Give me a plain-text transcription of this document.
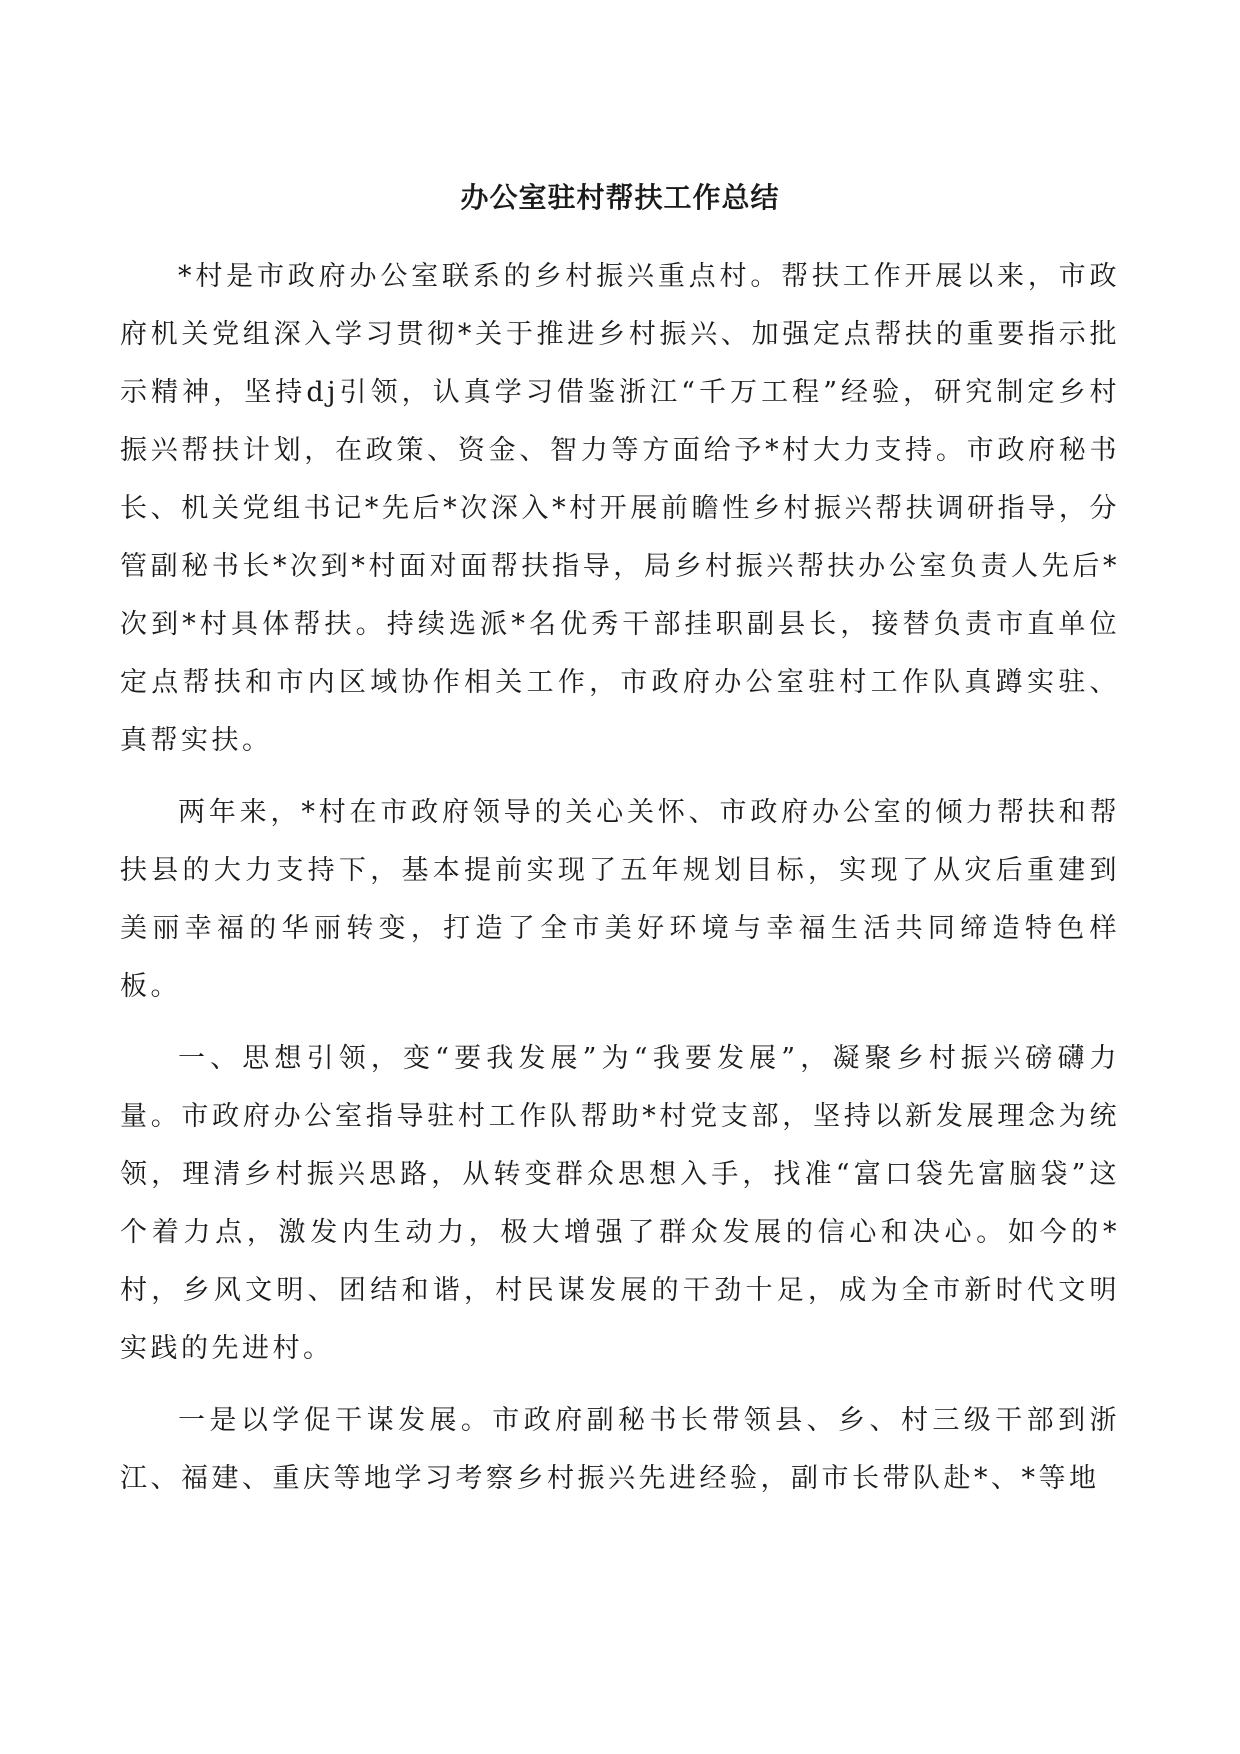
办公室驻村帮扶工作总结

*村是市政府办公室联系的乡村振兴重点村。帮扶工作开展以来，市政府机关党组深入学习贯彻*关于推进乡村振兴、加强定点帮扶的重要指示批示精神，坚持dj引领，认真学习借鉴浙江“千万工程”经验，研究制定乡村振兴帮扶计划，在政策、资金、智力等方面给予*村大力支持。市政府秘书长、机关党组书记*先后*次深入*村开展前瞻性乡村振兴帮扶调研指导，分管副秘书长*次到*村面对面帮扶指导，局乡村振兴帮扶办公室负责人先后*次到*村具体帮扶。持续选派*名优秀干部挂职副县长，接替负责市直单位定点帮扶和市内区域协作相关工作，市政府办公室驻村工作队真蹲实驻、真帮实扶。

两年来，*村在市政府领导的关心关怀、市政府办公室的倾力帮扶和帮扶县的大力支持下，基本提前实现了五年规划目标，实现了从灾后重建到美丽幸福的华丽转变，打造了全市美好环境与幸福生活共同缔造特色样板。

一、思想引领，变“要我发展”为“我要发展”，凝聚乡村振兴磅礴力量。市政府办公室指导驻村工作队帮助*村党支部，坚持以新发展理念为统领，理清乡村振兴思路，从转变群众思想入手，找准“富口袋先富脑袋”这个着力点，激发内生动力，极大增强了群众发展的信心和决心。如今的*村，乡风文明、团结和谐，村民谋发展的干劲十足，成为全市新时代文明实践的先进村。

一是以学促干谋发展。市政府副秘书长带领县、乡、村三级干部到浙江、福建、重庆等地学习考察乡村振兴先进经验，副市长带队赴*、*等地
